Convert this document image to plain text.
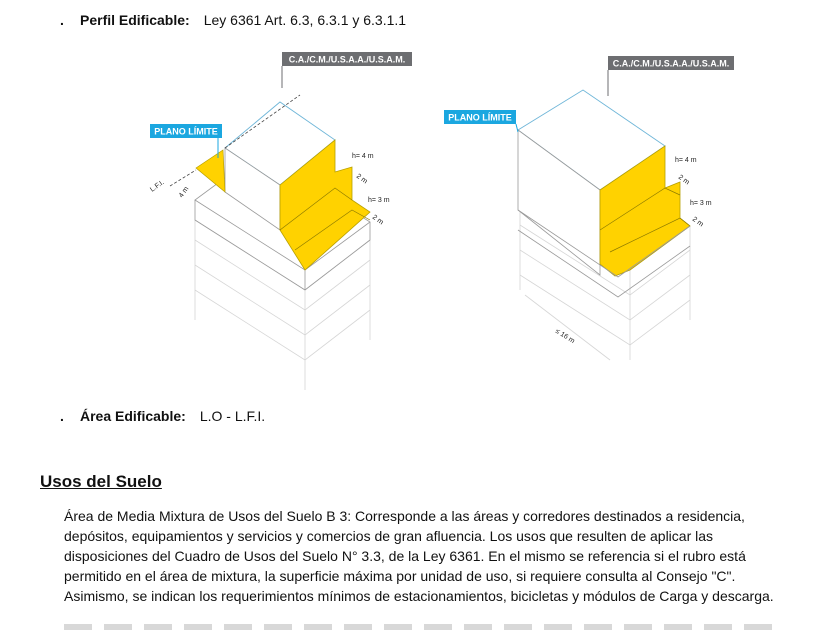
.	Perfil Edificable: Ley 6361 Art. 6.3, 6.3.1 y 6.3.1.1
C.A./C.M./U.S.A.A./U.S.A.M.
PLANO LÍMITE
h= 4 m
2 m
h= 3 m
2 m
L.F.I. 4 m
C.A./C.M./U.S.A.A./U.S.A.M.
PLANO LÍMITE
h= 4 m
2 m
h= 3 m
2 m
≤ 16 m
.	Área Edificable: L.O - L.F.I.
Usos del Suelo

Área de Media Mixtura de Usos del Suelo B 3: Corresponde a las áreas y corredores destinados a residencia,

depósitos, equipamientos y servicios y comercios de gran afluencia. Los usos que resulten de aplicar las

disposiciones del Cuadro de Usos del Suelo N° 3.3, de la Ley 6361. En el mismo se referencia si el rubro está

permitido en el área de mixtura, la superficie máxima por unidad de uso, si requiere consulta al Consejo "C".

Asimismo, se indican los requerimientos mínimos de estacionamientos, bicicletas y módulos de Carga y descarga.
